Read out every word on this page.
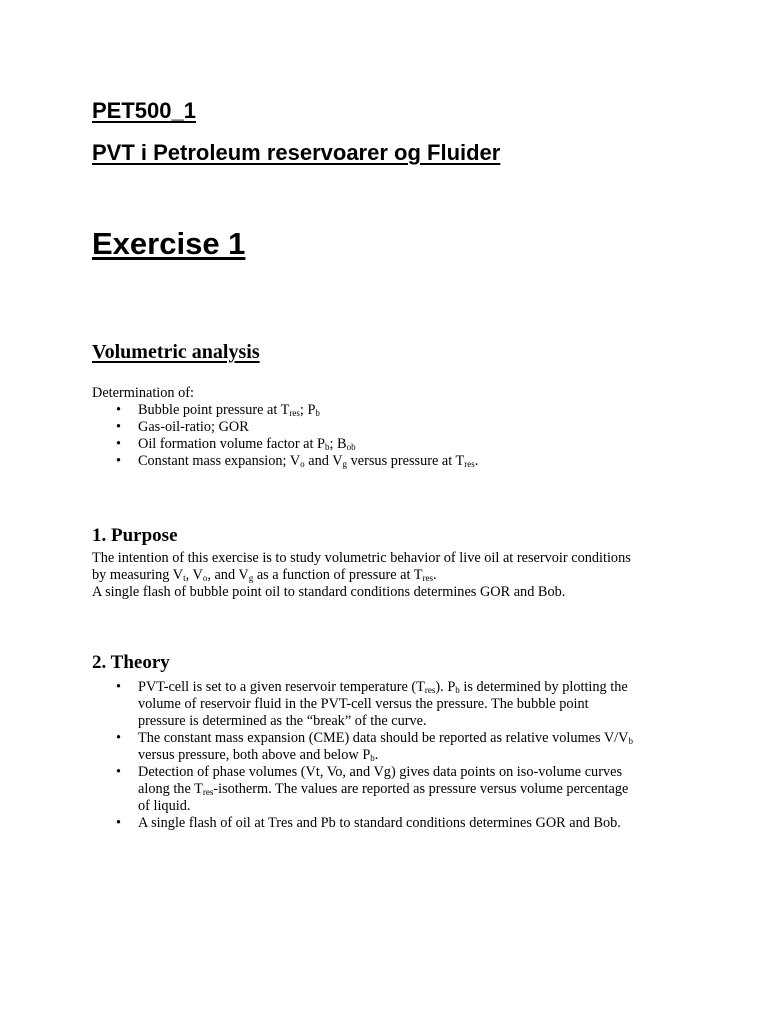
PET500_1
PVT i Petroleum reservoarer og Fluider
Exercise 1
Volumetric analysis

Determination of:

• Bubble point pressure at $T_{res}$; $P_b$
• Gas-oil-ratio; GOR
• Oil formation volume factor at $P_b$; $B_{ob}$
• Constant mass expansion; $V_o$ and $V_g$ versus pressure at $T_{res}$.
1. Purpose
The intention of this exercise is to study volumetric behavior of live oil at reservoir conditions
by measuring $V_t$, $V_o$, and $V_g$ as a function of pressure at $T_{res}$.
A single flash of bubble point oil to standard conditions determines GOR and Bob.
2. Theory
• PVT-cell is set to a given reservoir temperature $(T_{res})$. $P_b$ is determined by plotting the
volume of reservoir fluid in the PVT-cell versus the pressure. The bubble point
pressure is determined as the “break” of the curve.
• The constant mass expansion (CME) data should be reported as relative volumes $V/V_b$
versus pressure, both above and below $P_b$.
• Detection of phase volumes (Vt, Vo, and Vg) gives data points on iso-volume curves
along the $T_{res}$-isotherm. The values are reported as pressure versus volume percentage
of liquid.
• A single flash of oil at Tres and Pb to standard conditions determines GOR and Bob.
